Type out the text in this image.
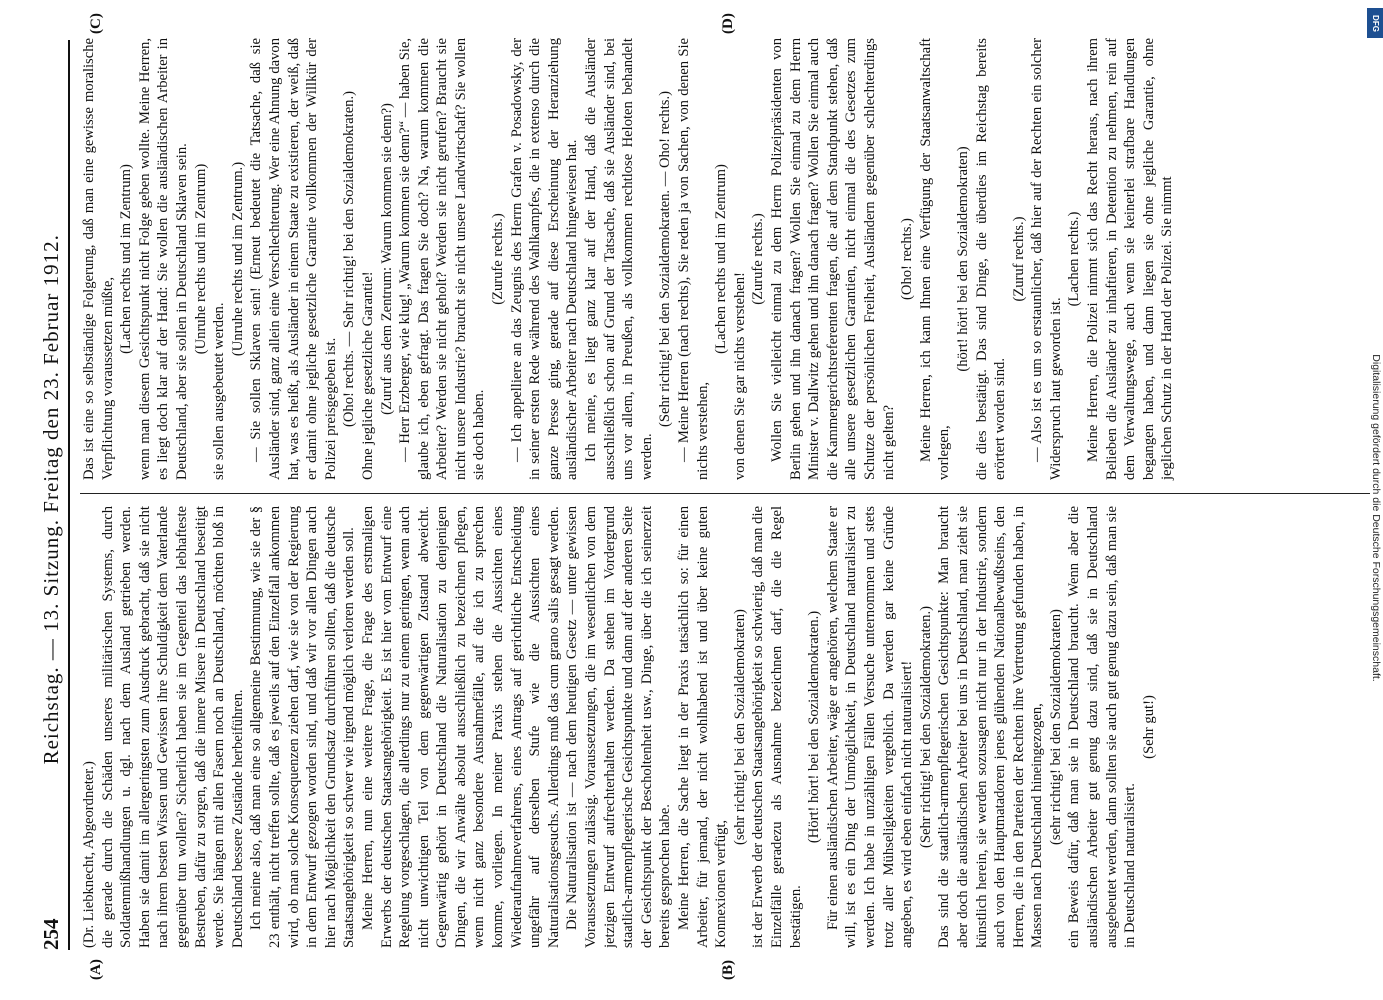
254
Reichstag. — 13. Sitzung. Freitag den 23. Februar 1912.
(A)	(B)
(C)	(D)

(Dr. Liebknecht, Abgeordneter.) die gerade durch die Schäden unseres militärischen Systems, durch Soldatenmißhandlungen u. dgl. nach dem Ausland getrieben werden. Haben sie damit im allergeringsten zum Ausdruck gebracht, daß sie nicht nach ihrem besten Wissen und Gewissen ihre Schuldigkeit dem Vaterlande gegenüber tun wollen? Sicherlich haben sie im Gegenteil das lebhafteste Bestreben, dafür zu sorgen, daß die innere Misere in Deutschland beseitigt werde. Sie hängen mit allen Fasern noch an Deutschland, möchten bloß in Deutschland bessere Zustände herbeiführen. Ich meine also, daß man eine so allgemeine Bestimmung, wie sie der § 23 enthält, nicht treffen sollte, daß es jeweils auf den Einzelfall ankommen wird, ob man solche Konsequenzen ziehen darf, wie sie von der Regierung in dem Entwurf gezogen worden sind, und daß wir vor allen Dingen auch hier nach Möglichkeit den Grundsatz durchführen sollten, daß die deutsche Staatsangehörigkeit so schwer wie irgend möglich verloren werden soll. Meine Herren, nun eine weitere Frage, die Frage des erstmaligen Erwerbs der deutschen Staatsangehörigkeit. Es ist hier vom Entwurf eine Regelung vorgeschlagen, die allerdings nur zu einem geringen, wenn auch nicht unwichtigen Teil von dem gegenwärtigen Zustand abweicht. Gegenwärtig gehört in Deutschland die Naturalisation zu denjenigen Dingen, die wir Anwälte absolut ausschließlich zu bezeichnen pflegen, wenn nicht ganz besondere Ausnahmefälle, auf die ich zu sprechen komme, vorliegen. In meiner Praxis stehen die Aussichten eines Wiederaufnahmeverfahrens, eines Antrags auf gerichtliche Entscheidung ungefähr auf derselben Stufe wie die Aussichten eines Naturalisationsgesuchs. Allerdings muß das cum grano salis gesagt werden. Die Naturalisation ist — nach dem heutigen Gesetz — unter gewissen Voraussetzungen zulässig. Voraussetzungen, die im wesentlichen von dem jetzigen Entwurf aufrechterhalten werden. Da stehen im Vordergrund staatlich-armenpflegerische Gesichtspunkte und dann auf der anderen Seite der Gesichtspunkt der Bescholtenheit usw., Dinge, über die ich seinerzeit bereits gesprochen habe. Meine Herren, die Sache liegt in der Praxis tatsächlich so: für einen Arbeiter, für jemand, der nicht wohlhabend ist und über keine guten Konnexionen verfügt,

(sehr richtig! bei den Sozialdemokraten) ist der Erwerb der deutschen Staatsangehörigkeit so schwierig, daß man die Einzelfälle geradezu als Ausnahme bezeichnen darf, die die Regel bestätigen.

(Hört! hört! bei den Sozialdemokraten.) Für einen ausländischen Arbeiter, wäge er angehören, welchem Staate er will, ist es ein Ding der Unmöglichkeit, in Deutschland naturalisiert zu werden. Ich habe in unzähligen Fällen Versuche unternommen und stets trotz aller Mühseligkeiten vergeblich. Da werden gar keine Gründe angeben, es wird eben einfach nicht naturalisiert! (Sehr richtig! bei den Sozialdemokraten.) Das sind die staatlich-armenpflegerischen Gesichtspunkte: Man braucht aber doch die ausländischen Arbeiter bei uns in Deutschland, man zieht sie künstlich herein, sie werden sozusagen nicht nur in der Industrie, sondern auch von den Hauptmatadoren jenes glühenden Nationalbewußtseins, den Herren, die in den Parteien der Rechten ihre Vertretung gefunden haben, in Massen nach Deutschland hineingezogen, (sehr richtig! bei den Sozialdemokraten) ein Beweis dafür, daß man sie in Deutschland braucht. Wenn aber die ausländischen Arbeiter gut genug dazu sind, daß sie in Deutschland ausgebeutet werden, dann sollten sie auch gut genug dazu sein, daß man sie in Deutschland naturalisiert.

(Sehr gut!)

Das ist eine so selbständige Folgerung, daß man eine gewisse moralische Verpflichtung voraussetzen müßte,

(Lachen rechts und im Zentrum) wenn man diesem Gesichtspunkt nicht Folge geben wollte. Meine Herren, es liegt doch klar auf der Hand: Sie wollen die ausländischen Arbeiter in Deutschland, aber sie sollen in Deutschland Sklaven sein. (Unruhe rechts und im Zentrum)

sie sollen ausgebeutet werden.

(Unruhe rechts und im Zentrum.) — Sie sollen Sklaven sein! (Erneut bedeutet die Tatsache, daß sie Ausländer sind, ganz allein eine Verschlechterung. Wer eine Ahnung davon hat, was es heißt, als Ausländer in einem Staate zu existieren, der weiß, daß er damit ohne jegliche gesetzliche Garantie vollkommen der Willkür der Polizei preisgegeben ist. (Oho! rechts. — Sehr richtig! bei den Sozialdemokraten.) Ohne jegliche gesetzliche Garantie! (Zuruf aus dem Zentrum: Warum kommen sie denn?) — Herr Erzberger, wie klug! „Warum kommen sie denn?“ — haben Sie, glaube ich, eben gefragt. Das fragen Sie doch? Na, warum kommen die Arbeiter? Werden sie nicht geholt? Werden sie nicht gerufen? Braucht sie nicht unsere Industrie? braucht sie nicht unsere Landwirtschaft? Sie wollen sie doch haben.

(Zurufe rechts.) — Ich appelliere an das Zeugnis des Herrn Grafen v. Posadowsky, der in seiner ersten Rede während des Wahlkampfes, die in extenso durch die ganze Presse ging, gerade auf diese Erscheinung der Heranziehung ausländischer Arbeiter nach Deutschland hingewiesen hat. Ich meine, es liegt ganz klar auf der Hand, daß die Ausländer ausschließlich schon auf Grund der Tatsache, daß sie Ausländer sind, bei uns vor allem, in Preußen, als vollkommen rechtlose Heloten behandelt werden.

(Sehr richtig! bei den Sozialdemokraten. — Oho! rechts.) — Meine Herren (nach rechts), Sie reden ja von Sachen, von denen Sie nichts verstehen,

(Lachen rechts und im Zentrum)

von denen Sie gar nichts verstehen!

(Zurufe rechts.) Wollen Sie vielleicht einmal zu dem Herrn Polizeipräsidenten von Berlin gehen und ihn danach fragen? Wollen Sie einmal zu dem Herrn Minister v. Dallwitz gehen und ihn danach fragen? Wollen Sie einmal auch die Kammergerichtsreferenten fragen, die auf dem Standpunkt stehen, daß alle unsere gesetzlichen Garantien, nicht einmal die des Gesetzes zum Schutze der persönlichen Freiheit, Ausländern gegenüber schlechterdings nicht gelten?

(Oho! rechts.) Meine Herren, ich kann Ihnen eine Verfügung der Staatsanwaltschaft vorlegen,

(hört! hört! bei den Sozialdemokraten) die dies bestätigt. Das sind Dinge, die überdies im Reichstag bereits erörtert worden sind.

(Zuruf rechts.) — Also ist es um so erstaunlicher, daß hier auf der Rechten ein solcher Widerspruch laut geworden ist.

(Lachen rechts.) Meine Herren, die Polizei nimmt sich das Recht heraus, nach ihrem Belieben die Ausländer zu inhaftieren, in Detention zu nehmen, rein auf dem Verwaltungswege, auch wenn sie keinerlei strafbare Handlungen begangen haben, und dann liegen sie ohne jegliche Garantie, ohne jeglichen Schutz in der Hand der Polizei. Sie nimmt

DFG
Digitalisierung gefördert durch die Deutsche Forschungsgemeinschaft.
